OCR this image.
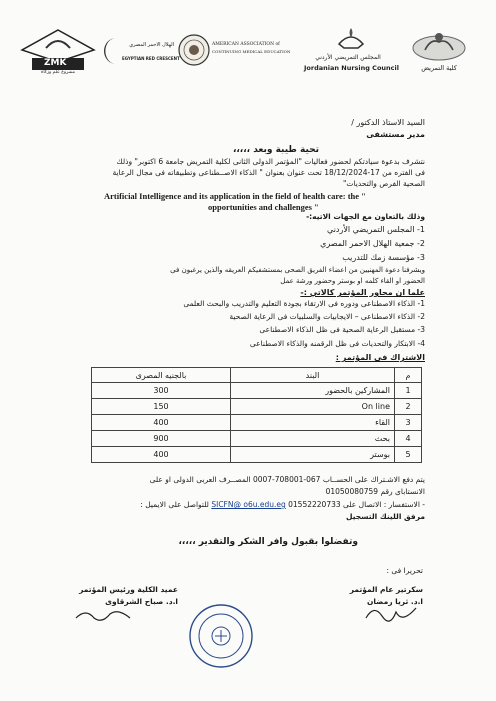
ZMK
مشروع علم وزكاة
الهلال الاحمر المصري
EGYPTIAN RED CRESCENT
AMERICAN ASSOCIATION of
CONTINUING MEDICAL EDUCATION
المجلس التمريضي الأردني
Jordanian Nursing Council	كلية التمريض
السيد الاستاذ الدكتور /
مدير مستشفى
تحية طيبة وبعد ،،،،،
نتشرف بدعوة سيادتكم لحضور فعاليات "المؤتمر الدولى الثانى لكلية التمريض جامعة 6 اكتوبر" وذلك
فى الفتره من 17-18/12/2024 تحت عنوان بعنوان " الذكاء الاصــطناعى وتطبيقاته فى مجال الرعاية
الصحية الفرص والتحديات"
Artificial Intelligence and its application in the field of health care: the "
opportunities and challenges "
وذلك بالتعاون مع الجهات الاتيه:-
1- المجلس التمريضي الأردني
2- جمعية الهلال الاحمر المصري
3- مؤسسة زمك للتدريب
ويشرفنا دعوة المهنيين من اعضاء الفريق الصحى بمستشفيكم العريقه والذين يرغبون فى
الحضور او القاء كلمه او بوستر وحضور ورشة عمل
علما ان محاور المؤتمر كالاتي :-
1- الذكاء الاصطناعى ودوره فى الارتقاء بجودة التعليم والتدريب والبحث العلمى
2- الذكاء الاصطناعى – الايجابيات والسلبيات فى الرعاية الصحية
3- مستقبل الرعاية الصحية فى ظل الذكاء الاصطناعى
4- الابتكار والتحديات فى ظل الرقمنه والذكاء الاصطناعى
الاشتراك فى المؤتمر :
بالجنيه المصرى	البند	م
300	المشاركين بالحضور	1
150	On line	2
400	القاء	3
900	بحث	4
400	بوستر	5
يتم دفع الاشـتراك على الحســاب 067-708001-0007 المصــرف العربى الدولى او على
الانستاباى رقم 01050080759
للتواصل على الايميل : SICFN@ o6u.edu.eg - الاستفسار : الاتصال على 01552220733
مرفق اللينك التسجيل
وتفضلوا بقبول وافر الشكر والتقدير ،،،،،
تحريرا فى :
سكرتير عام المؤتمر
ا.د. ثريا رمضان
عميد الكلية ورئيس المؤتمر
ا.د. صباح الشرقاوى
